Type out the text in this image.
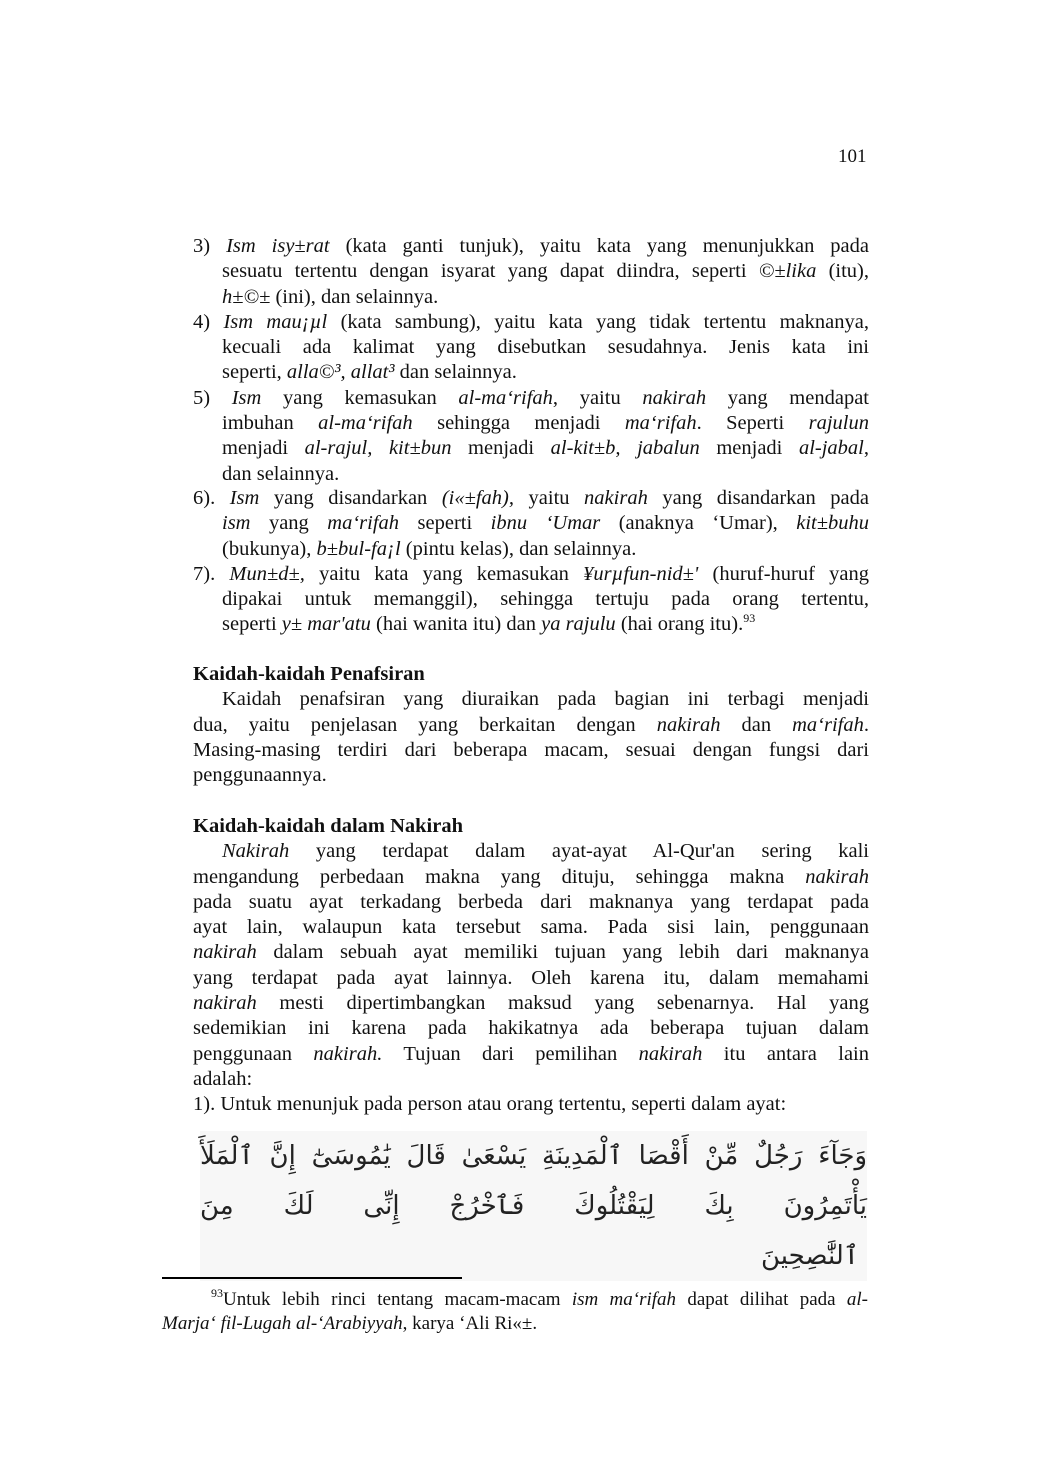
101
3) Ism isy±rat (kata ganti tunjuk), yaitu kata yang menunjukkan pada
sesuatu tertentu dengan isyarat yang dapat diindra, seperti ©±lika (itu),
h±©± (ini), dan selainnya.
4) Ism mau¡µl (kata sambung), yaitu kata yang tidak tertentu maknanya,
kecuali ada kalimat yang disebutkan sesudahnya. Jenis kata ini
seperti, alla©³, allat³ dan selainnya.
5) Ism yang kemasukan al-ma‘rifah, yaitu nakirah yang mendapat
imbuhan al-ma‘rifah sehingga menjadi ma‘rifah. Seperti rajulun
menjadi al-rajul, kit±bun menjadi al-kit±b, jabalun menjadi al-jabal,
dan selainnya.
6). Ism yang disandarkan (i«±fah), yaitu nakirah yang disandarkan pada
ism yang ma‘rifah seperti ibnu ‘Umar (anaknya ‘Umar), kit±buhu
(bukunya), b±bul-fa¡l (pintu kelas), dan selainnya.
7). Mun±d±, yaitu kata yang kemasukan ¥urµfun-nid±' (huruf-huruf yang
dipakai untuk memanggil), sehingga tertuju pada orang tertentu,
seperti y± mar'atu (hai wanita itu) dan ya rajulu (hai orang itu).$^{93}$
Kaidah-kaidah Penafsiran
Kaidah penafsiran yang diuraikan pada bagian ini terbagi menjadi
dua, yaitu penjelasan yang berkaitan dengan nakirah dan ma‘rifah.
Masing-masing terdiri dari beberapa macam, sesuai dengan fungsi dari
penggunaannya.
Kaidah-kaidah dalam Nakirah
Nakirah yang terdapat dalam ayat-ayat Al-Qur'an sering kali
mengandung perbedaan makna yang dituju, sehingga makna nakirah
pada suatu ayat terkadang berbeda dari maknanya yang terdapat pada
ayat lain, walaupun kata tersebut sama. Pada sisi lain, penggunaan
nakirah dalam sebuah ayat memiliki tujuan yang lebih dari maknanya
yang terdapat pada ayat lainnya. Oleh karena itu, dalam memahami
nakirah mesti dipertimbangkan maksud yang sebenarnya. Hal yang
sedemikian ini karena pada hakikatnya ada beberapa tujuan dalam
penggunaan nakirah. Tujuan dari pemilihan nakirah itu antara lain
adalah:
1). Untuk menunjuk pada person atau orang tertentu, seperti dalam ayat:
وَجَآءَ رَجُلٌ مِّنْ أَقْصَا ٱلْمَدِينَةِ يَسْعَىٰ قَالَ يَٰمُوسَىٰٓ إِنَّ ٱلْمَلَأَ يَأْتَمِرُونَ بِكَ لِيَقْتُلُوكَ فَٱخْرُجْ إِنِّى لَكَ مِنَ
ٱلنَّٰصِحِينَ
$^{93}$Untuk lebih rinci tentang macam-macam ism ma‘rifah dapat dilihat pada al-
Marja‘ fil-Lugah al-‘Arabiyyah, karya ‘Ali Ri«±.
